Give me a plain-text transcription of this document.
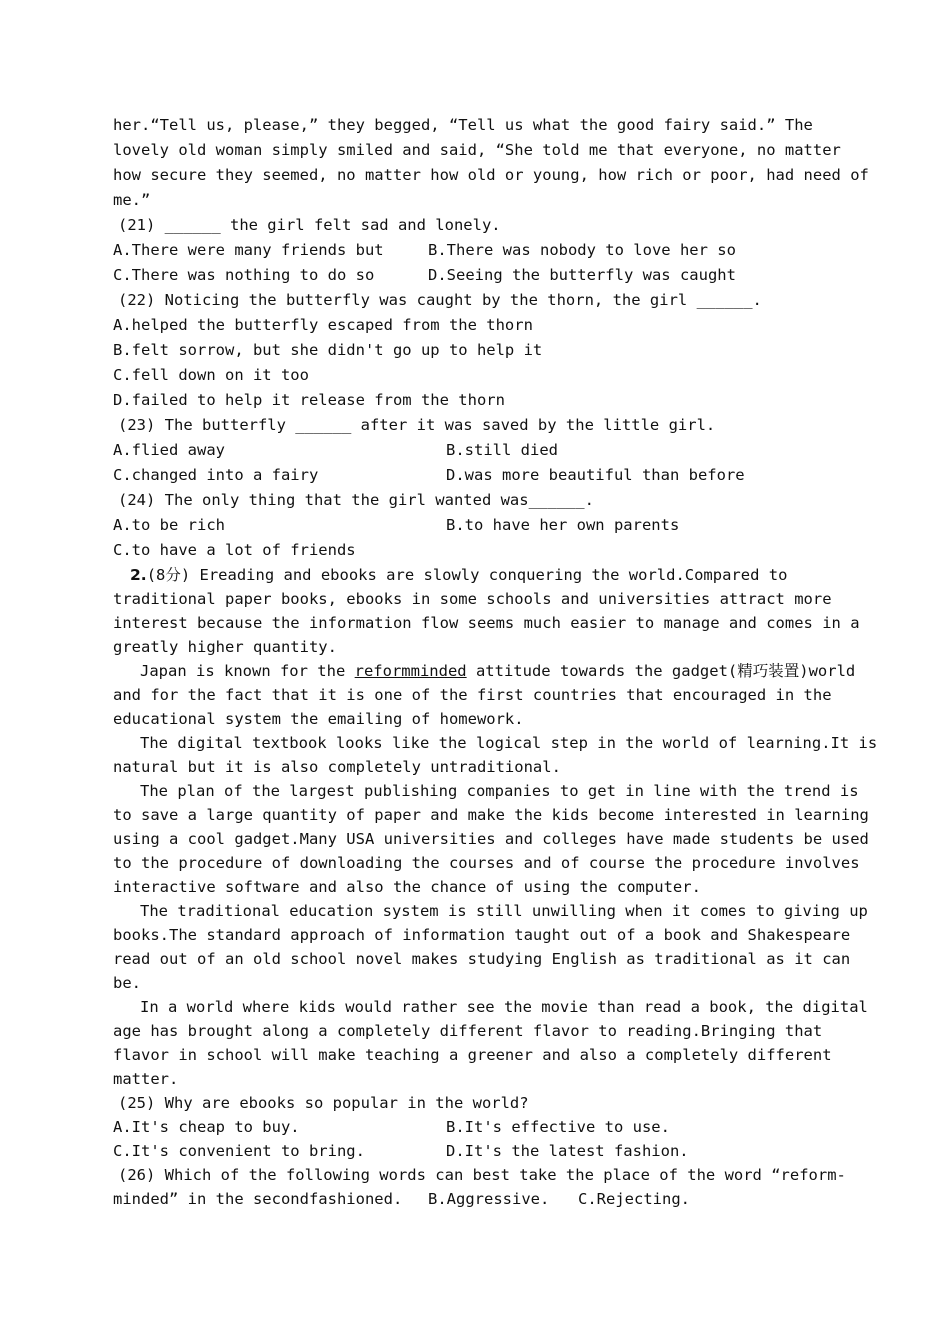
her.“Tell us, please,” they begged, “Tell us what the good fairy said.” The
lovely old woman simply smiled and said, “She told me that everyone, no matter
how secure they seemed, no matter how old or young, how rich or poor, had need of
me.”
(21) ______ the girl felt sad and lonely.
A.There were many friends but	B.There was nobody to love her so
C.There was nothing to do so	D.Seeing the butterfly was caught
(22) Noticing the butterfly was caught by the thorn, the girl ______.
A.helped the butterfly escaped from the thorn
B.felt sorrow, but she didn't go up to help it
C.fell down on it too
D.failed to help it release from the thorn
(23) The butterfly ______ after it was saved by the little girl.
A.flied away	B.still died
C.changed into a fairy	D.was more beautiful than before
(24) The only thing that the girl wanted was______.
A.to be rich	B.to have her own parents
C.to have a lot of friends
2.(8分) Ereading and ebooks are slowly conquering the world.Compared to
traditional paper books, ebooks in some schools and universities attract more
interest because the information flow seems much easier to manage and comes in a
greatly higher quantity.
Japan is known for the reformminded attitude towards the gadget(精巧装置)world
and for the fact that it is one of the first countries that encouraged in the
educational system the emailing of homework.
The digital textbook looks like the logical step in the world of learning.It is
natural but it is also completely untraditional.
The plan of the largest publishing companies to get in line with the trend is
to save a large quantity of paper and make the kids become interested in learning
using a cool gadget.Many USA universities and colleges have made students be used
to the procedure of downloading the courses and of course the procedure involves
interactive software and also the chance of using the computer.
The traditional education system is still unwilling when it comes to giving up
books.The standard approach of information taught out of a book and Shakespeare
read out of an old school novel makes studying English as traditional as it can
be.
In a world where kids would rather see the movie than read a book, the digital
age has brought along a completely different flavor to reading.Bringing that
flavor in school will make teaching a greener and also a completely different
matter.
(25) Why are ebooks so popular in the world?
A.It's cheap to buy.	B.It's effective to use.
C.It's convenient to bring.	D.It's the latest fashion.
(26) Which of the following words can best take the place of the word “reform-
minded” in the secondfashioned. B.Aggressive. C.Rejecting.
